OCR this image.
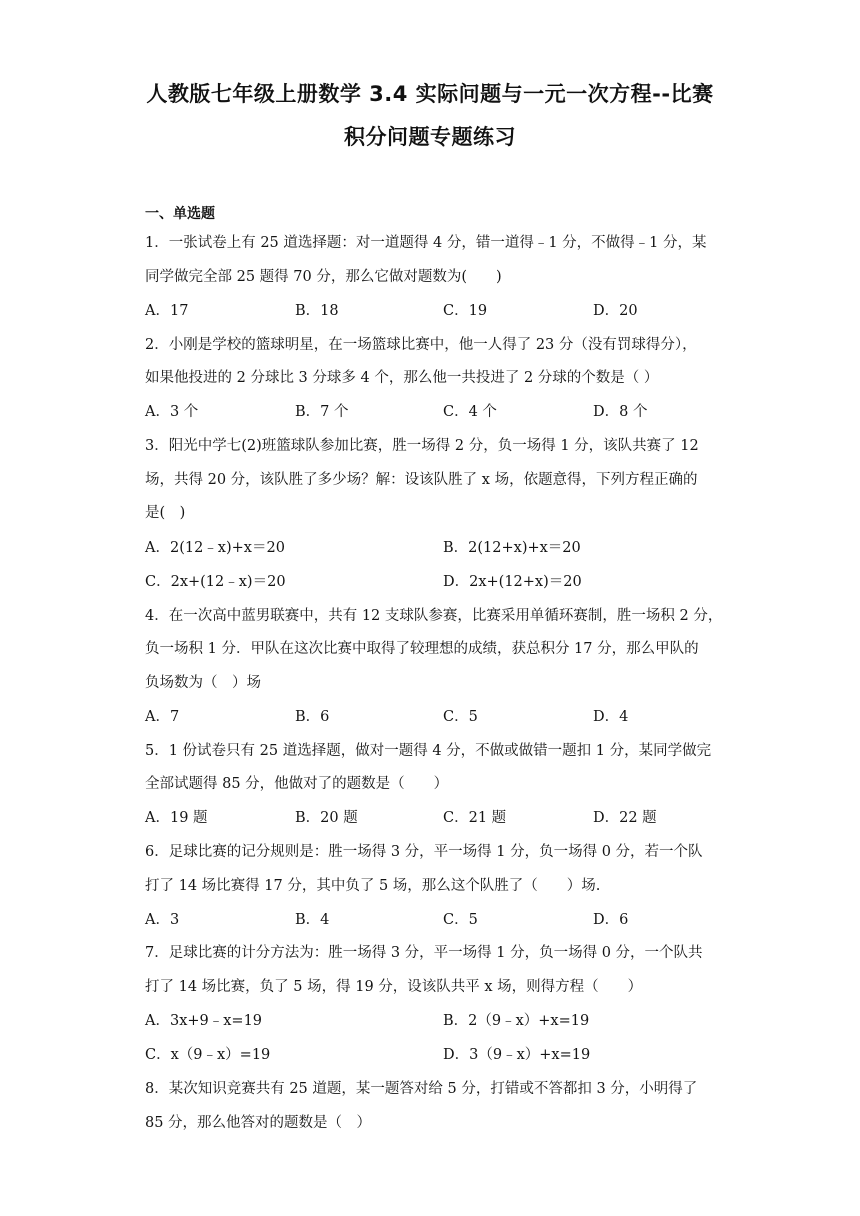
人教版七年级上册数学 3.4 实际问题与一元一次方程--比赛
积分问题专题练习
一、单选题
1．一张试卷上有 25 道选择题：对一道题得 4 分，错一道得﹣1 分，不做得﹣1 分，某
同学做完全部 25 题得 70 分，那么它做对题数为(　　)
A．17	B．18	C．19	D．20
2．小刚是学校的篮球明星，在一场篮球比赛中，他一人得了 23 分（没有罚球得分），
如果他投进的 2 分球比 3 分球多 4 个，那么他一共投进了 2 分球的个数是（ ）
A．3 个	B．7 个	C．4 个	D．8 个
3．阳光中学七(2)班篮球队参加比赛，胜一场得 2 分，负一场得 1 分，该队共赛了 12
场，共得 20 分，该队胜了多少场？解：设该队胜了 x 场，依题意得，下列方程正确的
是(　)
A．2(12﹣x)+x＝20	B．2(12+x)+x＝20
C．2x+(12﹣x)＝20	D．2x+(12+x)＝20
4．在一次高中蓝男联赛中，共有 12 支球队参赛，比赛采用单循环赛制，胜一场积 2 分，
负一场积 1 分．甲队在这次比赛中取得了较理想的成绩，获总积分 17 分，那么甲队的
负场数为（　）场
A．7	B．6	C．5	D．4
5．1 份试卷只有 25 道选择题，做对一题得 4 分，不做或做错一题扣 1 分，某同学做完
全部试题得 85 分，他做对了的题数是（　　）
A．19 题	B．20 题	C．21 题	D．22 题
6．足球比赛的记分规则是：胜一场得 3 分，平一场得 1 分，负一场得 0 分，若一个队
打了 14 场比赛得 17 分，其中负了 5 场，那么这个队胜了（　　）场.
A．3	B．4	C．5	D．6
7．足球比赛的计分方法为：胜一场得 3 分，平一场得 1 分，负一场得 0 分，一个队共
打了 14 场比赛，负了 5 场，得 19 分，设该队共平 x 场，则得方程（　　）
A．3x+9﹣x=19	B．2（9﹣x）+x=19
C．x（9﹣x）=19	D．3（9﹣x）+x=19
8．某次知识竞赛共有 25 道题，某一题答对给 5 分，打错或不答都扣 3 分，小明得了
85 分，那么他答对的题数是（　）
